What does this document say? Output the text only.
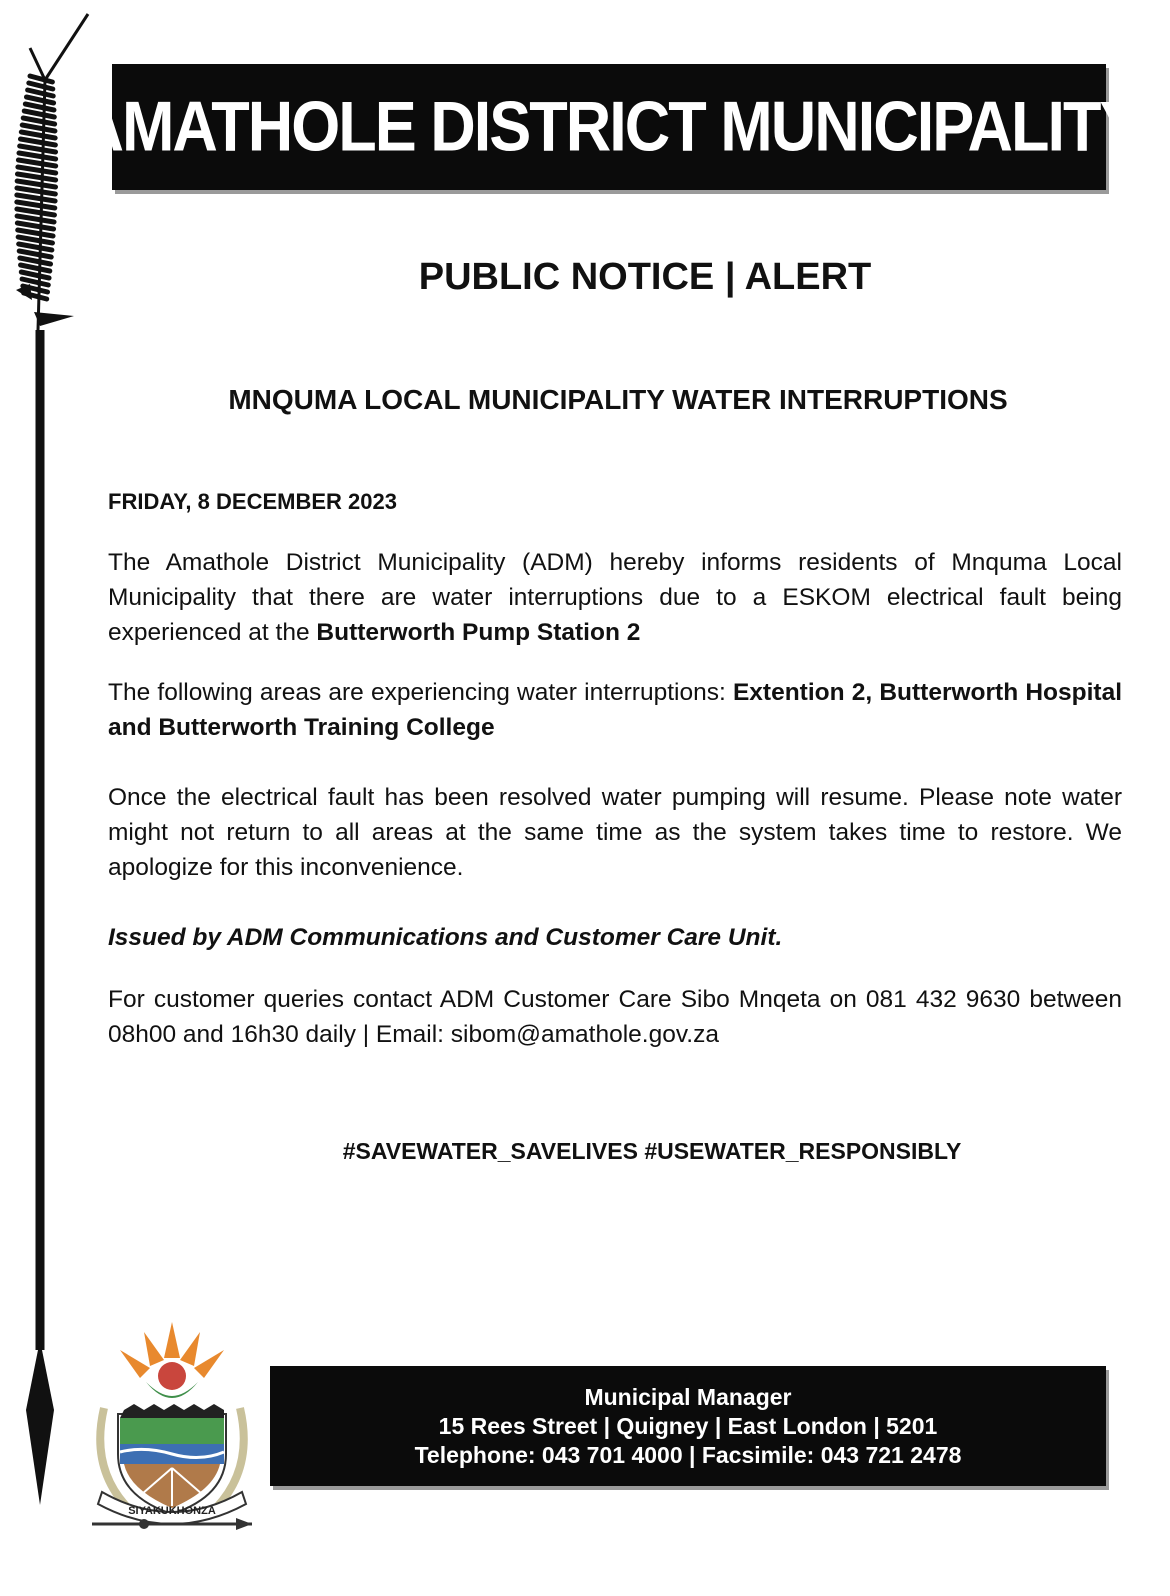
AMATHOLE DISTRICT MUNICIPALITY
PUBLIC NOTICE | ALERT
MNQUMA LOCAL MUNICIPALITY WATER INTERRUPTIONS

FRIDAY, 8 DECEMBER 2023

The Amathole District Municipality (ADM) hereby informs residents of Mnquma Local Municipality that there are water interruptions due to a ESKOM electrical fault being experienced at the Butterworth Pump Station 2

The following areas are experiencing water interruptions: Extention 2, Butterworth Hospital and Butterworth Training College

Once the electrical fault has been resolved water pumping will resume. Please note water might not return to all areas at the same time as the system takes time to restore. We apologize for this inconvenience.

Issued by ADM Communications and Customer Care Unit.

For customer queries contact ADM Customer Care Sibo Mnqeta on 081 432 9630 between 08h00 and 16h30 daily | Email: sibom@amathole.gov.za

#SAVEWATER_SAVELIVES #USEWATER_RESPONSIBLY

SIYAKUKHONZA
Municipal Manager
15 Rees Street | Quigney | East London | 5201
Telephone: 043 701 4000 | Facsimile: 043 721 2478
